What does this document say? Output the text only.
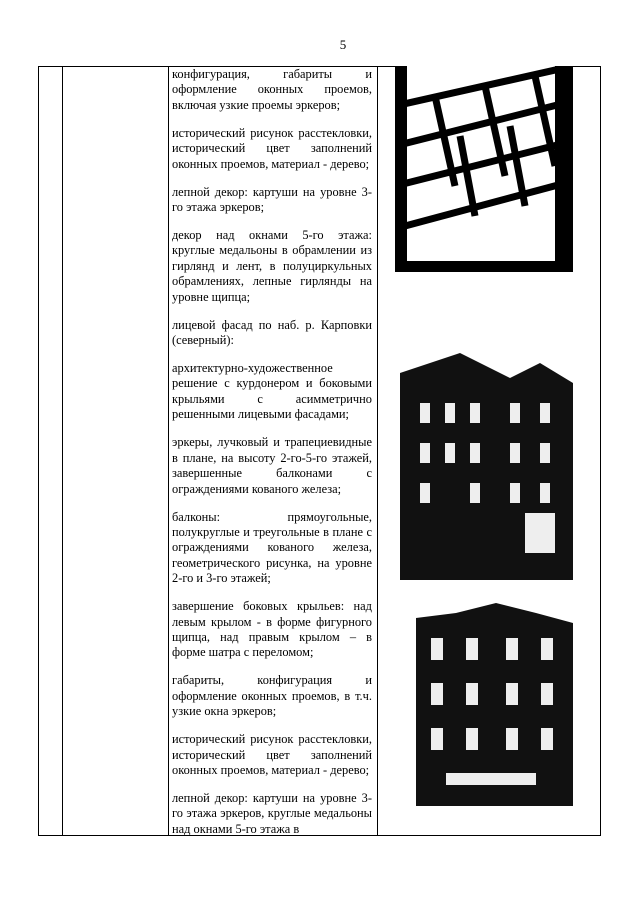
5

конфигурация, габариты и оформление оконных проемов, включая узкие проемы эркеров;

исторический рисунок расстекловки, исторический цвет заполнений оконных проемов, материал - дерево;

лепной декор: картуши на уровне 3-го этажа эркеров;

декор над окнами 5-го этажа: круглые медальоны в обрамлении из гирлянд и лент, в полуциркульных обрамлениях, лепные гирлянды на уровне щипца;

лицевой фасад по наб. р. Карповки (северный):

архитектурно-художественное решение с курдонером и боковыми крыльями с асимметрично решенными лицевыми фасадами;

эркеры, лучковый и трапециевидные в плане, на высоту 2-го-5-го этажей, завершенные балконами с ограждениями кованого железа;

балконы: прямоугольные, полукруглые и треугольные в плане с ограждениями кованого железа, геометрического рисунка, на уровне 2-го и 3-го этажей;

завершение боковых крыльев: над левым крылом - в форме фигурного щипца, над правым крылом – в форме шатра с переломом;

габариты, конфигурация и оформление оконных проемов, в т.ч. узкие окна эркеров;

исторический рисунок расстекловки, исторический цвет заполнений оконных проемов, материал - дерево;

лепной декор: картуши на уровне 3-го этажа эркеров, круглые медальоны над окнами 5-го этажа в
